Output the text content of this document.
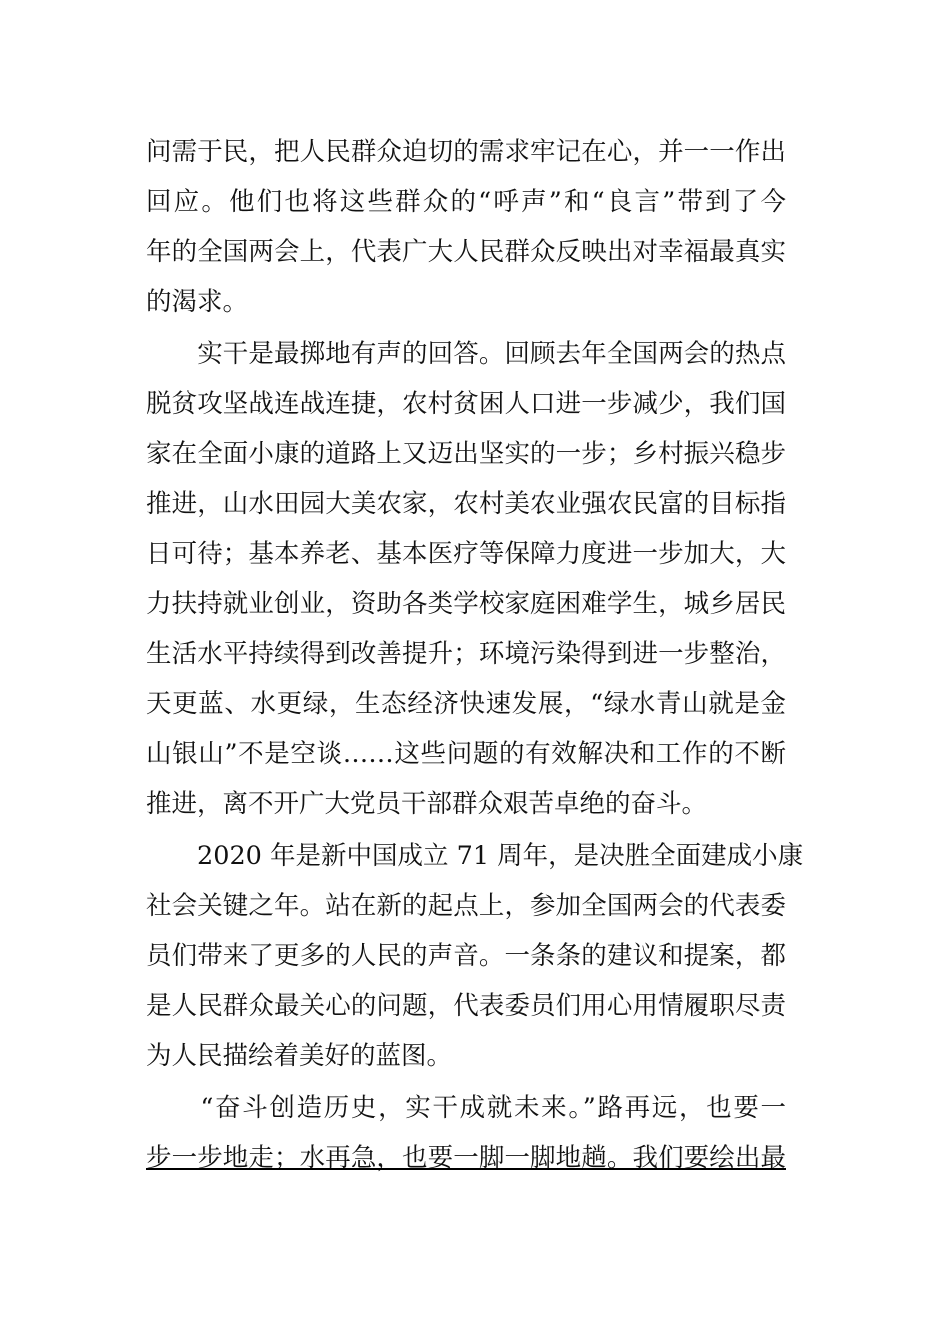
问需于民，把人民群众迫切的需求牢记在心，并一一作出
回应。他们也将这些群众的“呼声”和“良言”带到了今
年的全国两会上，代表广大人民群众反映出对幸福最真实
的渴求。
　　实干是最掷地有声的回答。回顾去年全国两会的热点
脱贫攻坚战连战连捷，农村贫困人口进一步减少，我们国
家在全面小康的道路上又迈出坚实的一步；乡村振兴稳步
推进，山水田园大美农家，农村美农业强农民富的目标指
日可待；基本养老、基本医疗等保障力度进一步加大，大
力扶持就业创业，资助各类学校家庭困难学生，城乡居民
生活水平持续得到改善提升；环境污染得到进一步整治，
天更蓝、水更绿，生态经济快速发展，“绿水青山就是金
山银山”不是空谈……这些问题的有效解决和工作的不断
推进，离不开广大党员干部群众艰苦卓绝的奋斗。
　　2020 年是新中国成立 71 周年，是决胜全面建成小康
社会关键之年。站在新的起点上，参加全国两会的代表委
员们带来了更多的人民的声音。一条条的建议和提案，都
是人民群众最关心的问题，代表委员们用心用情履职尽责
为人民描绘着美好的蓝图。
　　“奋斗创造历史，实干成就未来。”路再远，也要一
步一步地走；水再急，也要一脚一脚地趟。我们要绘出最
